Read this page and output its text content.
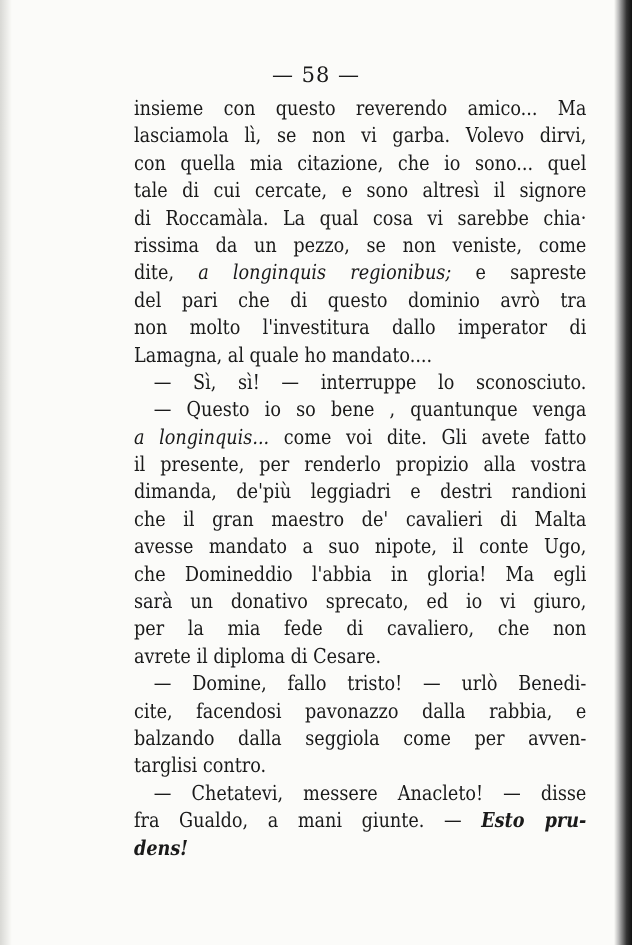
— 58 —
insieme con questo reverendo amico... Ma
lasciamola lì, se non vi garba. Volevo dirvi,
con quella mia citazione, che io sono... quel
tale di cui cercate, e sono altresì il signore
di Roccamàla. La qual cosa vi sarebbe chia·
rissima da un pezzo, se non veniste, come
dite, a longinquis regionibus; e sapreste
del pari che di questo dominio avrò tra
non molto l'investitura dallo imperator di
Lamagna, al quale ho mandato....
— Sì, sì! — interruppe lo sconosciuto.
— Questo io so bene , quantunque venga
a longinquis... come voi dite. Gli avete fatto
il presente, per renderlo propizio alla vostra
dimanda, de'più leggiadri e destri randioni
che il gran maestro de' cavalieri di Malta
avesse mandato a suo nipote, il conte Ugo,
che Domineddio l'abbia in gloria! Ma egli
sarà un donativo sprecato, ed io vi giuro,
per la mia fede di cavaliero, che non
avrete il diploma di Cesare.
— Domine, fallo tristo! — urlò Benedi-
cite, facendosi pavonazzo dalla rabbia, e
balzando dalla seggiola come per avven-
targlisi contro.
— Chetatevi, messere Anacleto! — disse
fra Gualdo, a mani giunte. — Esto pru-
dens!
